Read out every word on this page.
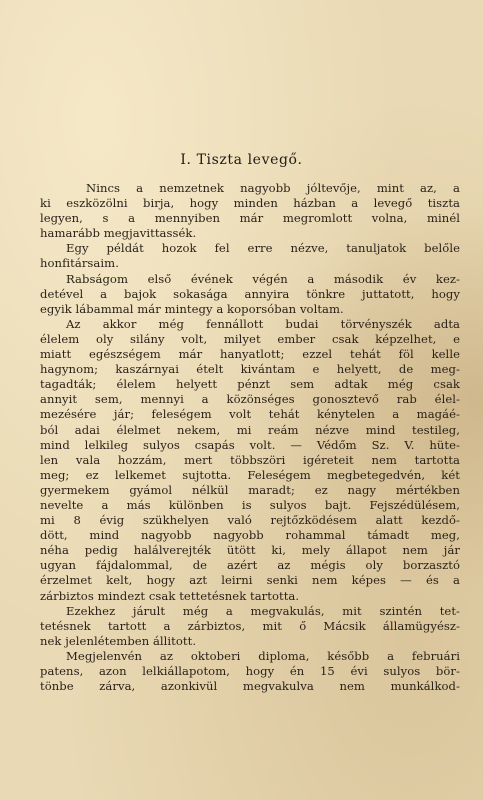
I. Tiszta levegő.
Nincs a nemzetnek nagyobb jóltevője, mint az, a
ki eszközölni birja, hogy minden házban a levegő tiszta
legyen, s a mennyiben már megromlott volna, minél
hamarább megjavittassék.
Egy példát hozok fel erre nézve, tanuljatok belőle
honfitársaim.
Rabságom első évének végén a második év kez-
detével a bajok sokasága annyira tönkre juttatott, hogy
egyik lábammal már mintegy a koporsóban voltam.
Az akkor még fennállott budai törvényszék adta
élelem oly silány volt, milyet ember csak képzelhet, e
miatt egészségem már hanyatlott; ezzel tehát föl kelle
hagynom; kaszárnyai ételt kivántam e helyett, de meg-
tagadták; élelem helyett pénzt sem adtak még csak
annyit sem, mennyi a közönséges gonosztevő rab élel-
mezésére jár; feleségem volt tehát kénytelen a magáé-
ból adai élelmet nekem, mi reám nézve mind testileg,
mind lelkileg sulyos csapás volt. — Védőm Sz. V. hüte-
len vala hozzám, mert többszöri igéreteit nem tartotta
meg; ez lelkemet sujtotta. Feleségem megbetegedvén, két
gyermekem gyámol nélkül maradt; ez nagy mértékben
nevelte a más különben is sulyos bajt. Fejszédülésem,
mi 8 évig szükhelyen való rejtőzködésem alatt kezdő-
dött, mind nagyobb nagyobb rohammal támadt meg,
néha pedig halálverejték ütött ki, mely állapot nem jár
ugyan fájdalommal, de azért az mégis oly borzasztó
érzelmet kelt, hogy azt leirni senki nem képes — és a
zárbiztos mindezt csak tettetésnek tartotta.
Ezekhez járult még a megvakulás, mit szintén tet-
tetésnek tartott a zárbiztos, mit ő Mácsik államügyész-
nek jelenlétemben állitott.
Megjelenvén az oktoberi diploma, később a februári
patens, azon lelkiállapotom, hogy én 15 évi sulyos bör-
tönbe zárva, azonkivül megvakulva nem munkálkod-
